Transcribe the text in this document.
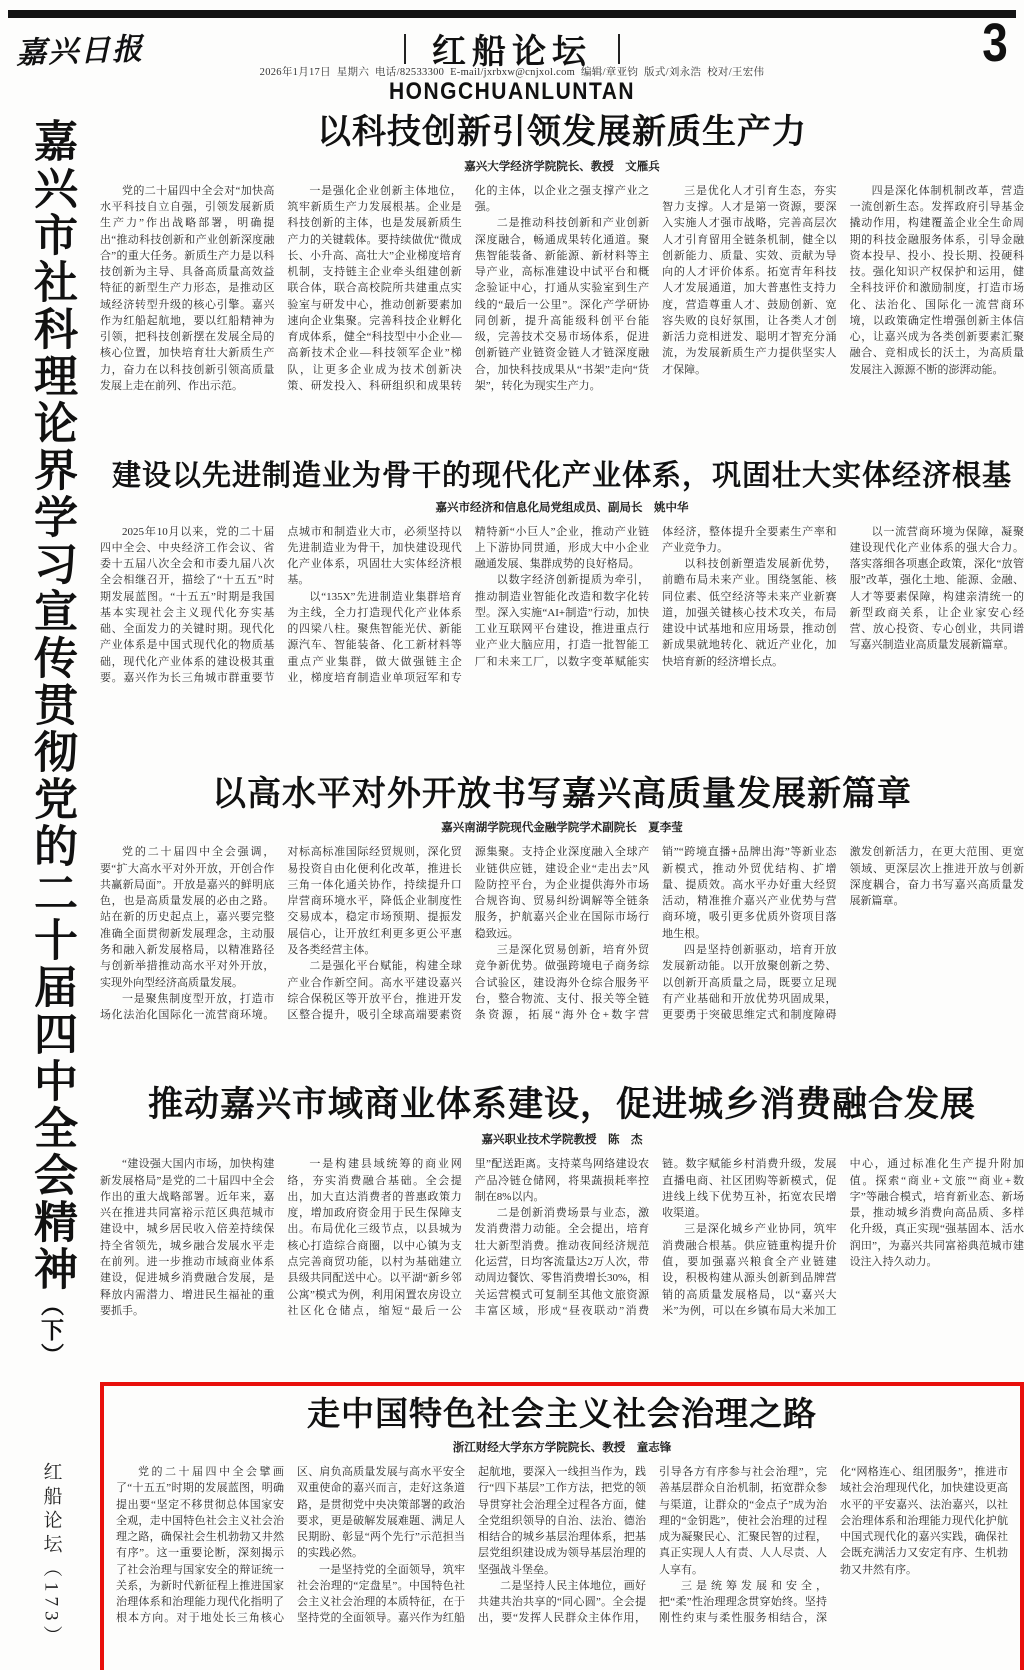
嘉兴日报	红船论坛	3
2026年1月17日  星期六  电话/82533300  E-mail/jxrbxw@cnjxol.com  编辑/章亚钧  版式/刘永浩  校对/王宏伟
HONGCHUANLUNTAN
嘉兴市社科理论界学习宣传贯彻党的二十届四中全会精神（下）
红船论坛（173）
以科技创新引领发展新质生产力
嘉兴大学经济学院院长、教授　文雁兵

党的二十届四中全会对“加快高水平科技自立自强，引领发展新质生产力”作出战略部署，明确提出“推动科技创新和产业创新深度融合”的重大任务。新质生产力是以科技创新为主导、具备高质量高效益特征的新型生产力形态，是推动区域经济转型升级的核心引擎。嘉兴作为红船起航地，要以红船精神为引领，把科技创新摆在发展全局的核心位置，加快培育壮大新质生产力，奋力在以科技创新引领高质量发展上走在前列、作出示范。

一是强化企业创新主体地位，筑牢新质生产力发展根基。企业是科技创新的主体，也是发展新质生产力的关键载体。要持续做优“微成长、小升高、高壮大”企业梯度培育机制，支持链主企业牵头组建创新联合体，联合高校院所共建重点实验室与研发中心，推动创新要素加速向企业集聚。完善科技企业孵化育成体系，健全“科技型中小企业—高新技术企业—科技领军企业”梯队，让更多企业成为技术创新决策、研发投入、科研组织和成果转化的主体，以企业之强支撑产业之强。

二是推动科技创新和产业创新深度融合，畅通成果转化通道。聚焦智能装备、新能源、新材料等主导产业，高标准建设中试平台和概念验证中心，打通从实验室到生产线的“最后一公里”。深化产学研协同创新，提升高能级科创平台能级，完善技术交易市场体系，促进创新链产业链资金链人才链深度融合，加快科技成果从“书架”走向“货架”，转化为现实生产力。

三是优化人才引育生态，夯实智力支撑。人才是第一资源，要深入实施人才强市战略，完善高层次人才引育留用全链条机制，健全以创新能力、质量、实效、贡献为导向的人才评价体系。拓宽青年科技人才发展通道，加大普惠性支持力度，营造尊重人才、鼓励创新、宽容失败的良好氛围，让各类人才创新活力竞相迸发、聪明才智充分涌流，为发展新质生产力提供坚实人才保障。

四是深化体制机制改革，营造一流创新生态。发挥政府引导基金撬动作用，构建覆盖企业全生命周期的科技金融服务体系，引导金融资本投早、投小、投长期、投硬科技。强化知识产权保护和运用，健全科技评价和激励制度，打造市场化、法治化、国际化一流营商环境，以政策确定性增强创新主体信心，让嘉兴成为各类创新要素汇聚融合、竞相成长的沃土，为高质量发展注入源源不断的澎湃动能。

建设以先进制造业为骨干的现代化产业体系，巩固壮大实体经济根基
嘉兴市经济和信息化局党组成员、副局长　姚中华

2025年10月以来，党的二十届四中全会、中央经济工作会议、省委十五届八次全会和市委九届八次全会相继召开，描绘了“十五五”时期发展蓝图。“十五五”时期是我国基本实现社会主义现代化夯实基础、全面发力的关键时期。现代化产业体系是中国式现代化的物质基础，现代化产业体系的建设极其重要。嘉兴作为长三角城市群重要节点城市和制造业大市，必须坚持以先进制造业为骨干，加快建设现代化产业体系，巩固壮大实体经济根基。

以“135X”先进制造业集群培育为主线，全力打造现代化产业体系的四梁八柱。聚焦智能光伏、新能源汽车、智能装备、化工新材料等重点产业集群，做大做强链主企业，梯度培育制造业单项冠军和专精特新“小巨人”企业，推动产业链上下游协同贯通，形成大中小企业融通发展、集群成势的良好格局。

以数字经济创新提质为牵引，推动制造业智能化改造和数字化转型。深入实施“AI+制造”行动，加快工业互联网平台建设，推进重点行业产业大脑应用，打造一批智能工厂和未来工厂，以数字变革赋能实体经济，整体提升全要素生产率和产业竞争力。

以科技创新塑造发展新优势，前瞻布局未来产业。围绕氢能、核同位素、低空经济等未来产业新赛道，加强关键核心技术攻关，布局建设中试基地和应用场景，推动创新成果就地转化、就近产业化，加快培育新的经济增长点。

以一流营商环境为保障，凝聚建设现代化产业体系的强大合力。落实落细各项惠企政策，深化“放管服”改革，强化土地、能源、金融、人才等要素保障，构建亲清统一的新型政商关系，让企业家安心经营、放心投资、专心创业，共同谱写嘉兴制造业高质量发展新篇章。

以高水平对外开放书写嘉兴高质量发展新篇章
嘉兴南湖学院现代金融学院学术副院长　夏李莹

党的二十届四中全会强调，要“扩大高水平对外开放，开创合作共赢新局面”。开放是嘉兴的鲜明底色，也是高质量发展的必由之路。站在新的历史起点上，嘉兴要完整准确全面贯彻新发展理念，主动服务和融入新发展格局，以精准路径与创新举措推动高水平对外开放，实现外向型经济高质量发展。

一是聚焦制度型开放，打造市场化法治化国际化一流营商环境。对标高标准国际经贸规则，深化贸易投资自由化便利化改革，推进长三角一体化通关协作，持续提升口岸营商环境水平，降低企业制度性交易成本，稳定市场预期、提振发展信心，让开放红利更多更公平惠及各类经营主体。

二是强化平台赋能，构建全球产业合作新空间。高水平建设嘉兴综合保税区等开放平台，推进开发区整合提升，吸引全球高端要素资源集聚。支持企业深度融入全球产业链供应链，建设企业“走出去”风险防控平台，为企业提供海外市场合规咨询、贸易纠纷调解等全链条服务，护航嘉兴企业在国际市场行稳致远。

三是深化贸易创新，培育外贸竞争新优势。做强跨境电子商务综合试验区，建设海外仓综合服务平台，整合物流、支付、报关等全链条资源，拓展“海外仓+数字营销”“跨境直播+品牌出海”等新业态新模式，推动外贸优结构、扩增量、提质效。高水平办好重大经贸活动，精准推介嘉兴产业优势与营商环境，吸引更多优质外资项目落地生根。

四是坚持创新驱动，培育开放发展新动能。以开放聚创新之势、以创新开高质量之局，既要立足现有产业基础和开放优势巩固成果，更要勇于突破思维定式和制度障碍激发创新活力，在更大范围、更宽领域、更深层次上推进开放与创新深度耦合，奋力书写嘉兴高质量发展新篇章。

推动嘉兴市域商业体系建设，促进城乡消费融合发展
嘉兴职业技术学院教授　陈　杰

“建设强大国内市场，加快构建新发展格局”是党的二十届四中全会作出的重大战略部署。近年来，嘉兴在推进共同富裕示范区典范城市建设中，城乡居民收入倍差持续保持全省领先，城乡融合发展水平走在前列。进一步推动市域商业体系建设，促进城乡消费融合发展，是释放内需潜力、增进民生福祉的重要抓手。

一是构建县域统筹的商业网络，夯实消费融合基础。全会提出，加大直达消费者的普惠政策力度，增加政府资金用于民生保障支出。布局优化三级节点，以县城为核心打造综合商圈，以中心镇为支点完善商贸功能，以村为基础建立县级共同配送中心。以平湖“新乡邻公寓”模式为例，利用闲置农房设立社区化仓储点，缩短“最后一公里”配送距离。支持菜鸟网络建设农产品冷链仓储网，将果蔬损耗率控制在8%以内。

二是创新消费场景与业态，激发消费潜力动能。全会提出，培育壮大新型消费。推动夜间经济规范化运营，日均客流量达2万人次，带动周边餐饮、零售消费增长30%，相关运营模式可复制至其他文旅资源丰富区域，形成“昼夜联动”消费链。数字赋能乡村消费升级，发展直播电商、社区团购等新模式，促进线上线下优势互补，拓宽农民增收渠道。

三是深化城乡产业协同，筑牢消费融合根基。供应链重构提升价值，要加强嘉兴粮食全产业链建设，积极构建从源头创新到品牌营销的高质量发展格局，以“嘉兴大米”为例，可以在乡镇布局大米加工中心，通过标准化生产提升附加值。探索“商业+文旅”“商业+数字”等融合模式，培育新业态、新场景，推动城乡消费向高品质、多样化升级，真正实现“强基固本、活水润田”，为嘉兴共同富裕典范城市建设注入持久动力。

走中国特色社会主义社会治理之路
浙江财经大学东方学院院长、教授　童志锋

党的二十届四中全会擘画了“十五五”时期的发展蓝图，明确提出要“坚定不移贯彻总体国家安全观，走中国特色社会主义社会治理之路，确保社会生机勃勃又井然有序”。这一重要论断，深刻揭示了社会治理与国家安全的辩证统一关系，为新时代新征程上推进国家治理体系和治理能力现代化指明了根本方向。对于地处长三角核心区、肩负高质量发展与高水平安全双重使命的嘉兴而言，走好这条道路，是贯彻党中央决策部署的政治要求，更是破解发展难题、满足人民期盼、彰显“两个先行”示范担当的实践必然。

一是坚持党的全面领导，筑牢社会治理的“定盘星”。中国特色社会主义社会治理的本质特征，在于坚持党的全面领导。嘉兴作为红船起航地，要深入一线担当作为，践行“四下基层”工作方法，把党的领导贯穿社会治理全过程各方面，健全党组织领导的自治、法治、德治相结合的城乡基层治理体系，把基层党组织建设成为领导基层治理的坚强战斗堡垒。

二是坚持人民主体地位，画好共建共治共享的“同心圆”。全会提出，要“发挥人民群众主体作用，引导各方有序参与社会治理”，完善基层群众自治机制，拓宽群众参与渠道，让群众的“金点子”成为治理的“金钥匙”，使社会治理的过程成为凝聚民心、汇聚民智的过程，真正实现人人有责、人人尽责、人人享有。

三是统筹发展和安全，把“柔”性治理理念贯穿始终。坚持刚性约束与柔性服务相结合，深化“网格连心、组团服务”，推进市域社会治理现代化，加快建设更高水平的平安嘉兴、法治嘉兴，以社会治理体系和治理能力现代化护航中国式现代化的嘉兴实践，确保社会既充满活力又安定有序、生机勃勃又井然有序。
